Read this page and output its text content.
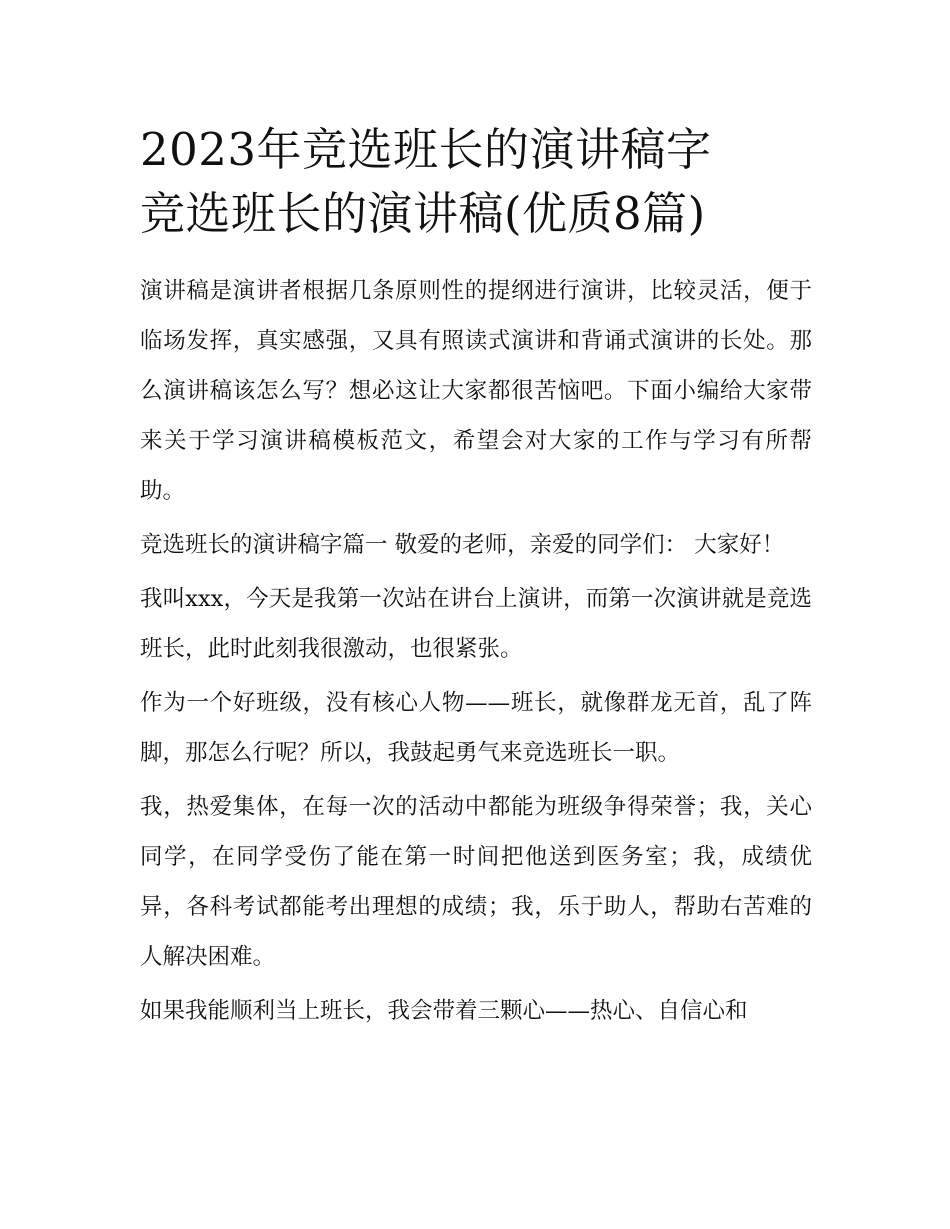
2023年竞选班长的演讲稿字
竞选班长的演讲稿(优质8篇)

演讲稿是演讲者根据几条原则性的提纲进行演讲，比较灵活，便于临场发挥，真实感强，又具有照读式演讲和背诵式演讲的长处。那么演讲稿该怎么写？想必这让大家都很苦恼吧。下面小编给大家带来关于学习演讲稿模板范文，希望会对大家的工作与学习有所帮助。

竞选班长的演讲稿字篇一 敬爱的老师，亲爱的同学们： 大家好！

我叫xxx，今天是我第一次站在讲台上演讲，而第一次演讲就是竞选班长，此时此刻我很激动，也很紧张。

作为一个好班级，没有核心人物——班长，就像群龙无首，乱了阵脚，那怎么行呢？所以，我鼓起勇气来竞选班长一职。

我，热爱集体，在每一次的活动中都能为班级争得荣誉；我，关心同学，在同学受伤了能在第一时间把他送到医务室；我，成绩优异，各科考试都能考出理想的成绩；我，乐于助人，帮助右苦难的人解决困难。

如果我能顺利当上班长，我会带着三颗心——热心、自信心和
